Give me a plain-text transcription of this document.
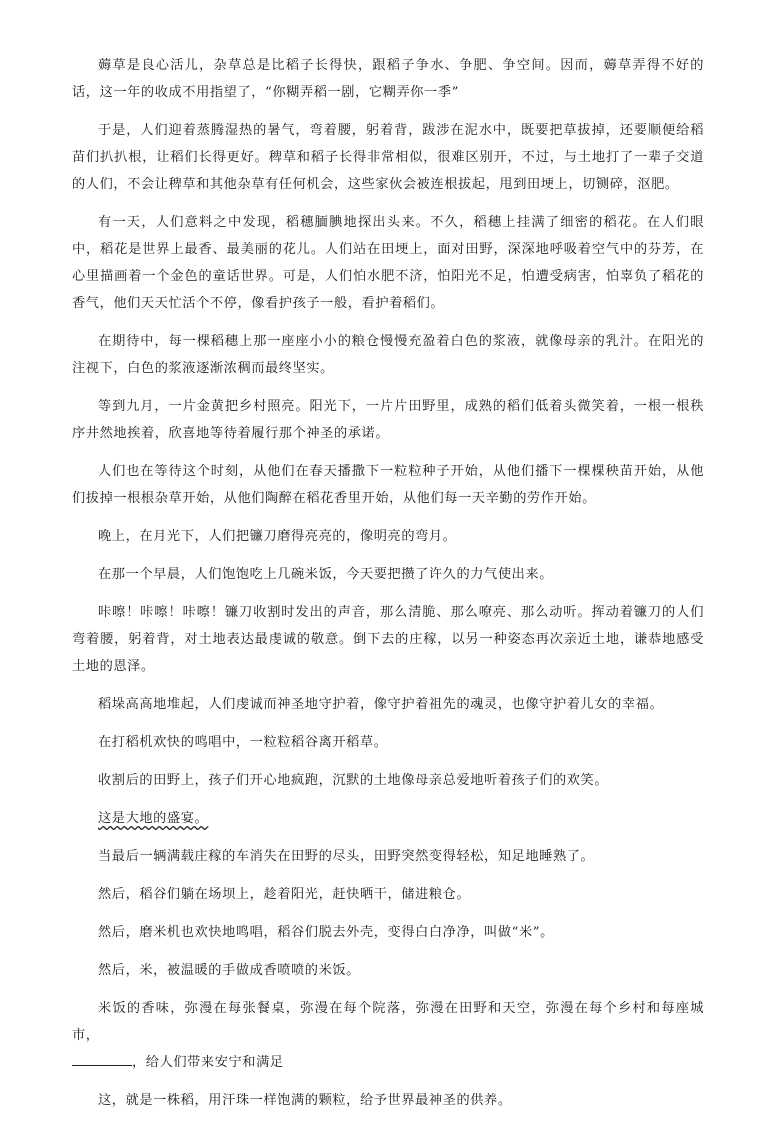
薅草是良心活儿，杂草总是比稻子长得快，跟稻子争水、争肥、争空间。因而，薅草弄得不好的话，这一年的收成不用指望了，“你糊弄稻一剧，它糊弄你一季”

于是，人们迎着蒸腾湿热的暑气，弯着腰，躬着背，跋涉在泥水中，既要把草拔掉，还要顺便给稻苗们扒扒根，让稻们长得更好。稗草和稻子长得非常相似，很难区别开，不过，与土地打了一辈子交道的人们，不会让稗草和其他杂草有任何机会，这些家伙会被连根拔起，甩到田埂上，切铡碎，沤肥。

有一天，人们意料之中发现，稻穗腼腆地探出头来。不久，稻穗上挂满了细密的稻花。在人们眼中，稻花是世界上最香、最美丽的花儿。人们站在田埂上，面对田野，深深地呼吸着空气中的芬芳，在心里描画着一个金色的童话世界。可是，人们怕水肥不济，怕阳光不足，怕遭受病害，怕辜负了稻花的香气，他们天天忙活个不停，像看护孩子一般，看护着稻们。

在期待中，每一棵稻穗上那一座座小小的粮仓慢慢充盈着白色的浆液，就像母亲的乳汁。在阳光的注视下，白色的浆液逐渐浓稠而最终坚实。

等到九月，一片金黄把乡村照亮。阳光下，一片片田野里，成熟的稻们低着头微笑着，一根一根秩序井然地挨着，欣喜地等待着履行那个神圣的承诺。

人们也在等待这个时刻，从他们在春天播撒下一粒粒种子开始，从他们播下一棵棵秧苗开始，从他们拔掉一根根杂草开始，从他们陶醉在稻花香里开始，从他们每一天辛勤的劳作开始。

晚上，在月光下，人们把镰刀磨得亮亮的，像明亮的弯月。

在那一个早晨，人们饱饱吃上几碗米饭，今天要把攒了许久的力气使出来。

咔嚓！咔嚓！咔嚓！镰刀收割时发出的声音，那么清脆、那么嘹亮、那么动听。挥动着镰刀的人们弯着腰，躬着背，对土地表达最虔诚的敬意。倒下去的庄稼，以另一种姿态再次亲近土地，谦恭地感受土地的恩泽。

稻垛高高地堆起，人们虔诚而神圣地守护着，像守护着祖先的魂灵，也像守护着儿女的幸福。

在打稻机欢快的鸣唱中，一粒粒稻谷离开稻草。

收割后的田野上，孩子们开心地疯跑，沉默的土地像母亲总爱地听着孩子们的欢笑。

这是大地的盛宴。

当最后一辆满载庄稼的车消失在田野的尽头，田野突然变得轻松，知足地睡熟了。

然后，稻谷们躺在场坝上，趁着阳光，赶快晒干，储进粮仓。

然后，磨米机也欢快地鸣唱，稻谷们脱去外壳，变得白白净净，叫做“米”。

然后，米，被温暖的手做成香喷喷的米饭。

米饭的香味，弥漫在每张餐桌，弥漫在每个院落，弥漫在田野和天空，弥漫在每个乡村和每座城市，
，给人们带来安宁和满足

这，就是一株稻，用汗珠一样饱满的颗粒，给予世界最神圣的供养。
